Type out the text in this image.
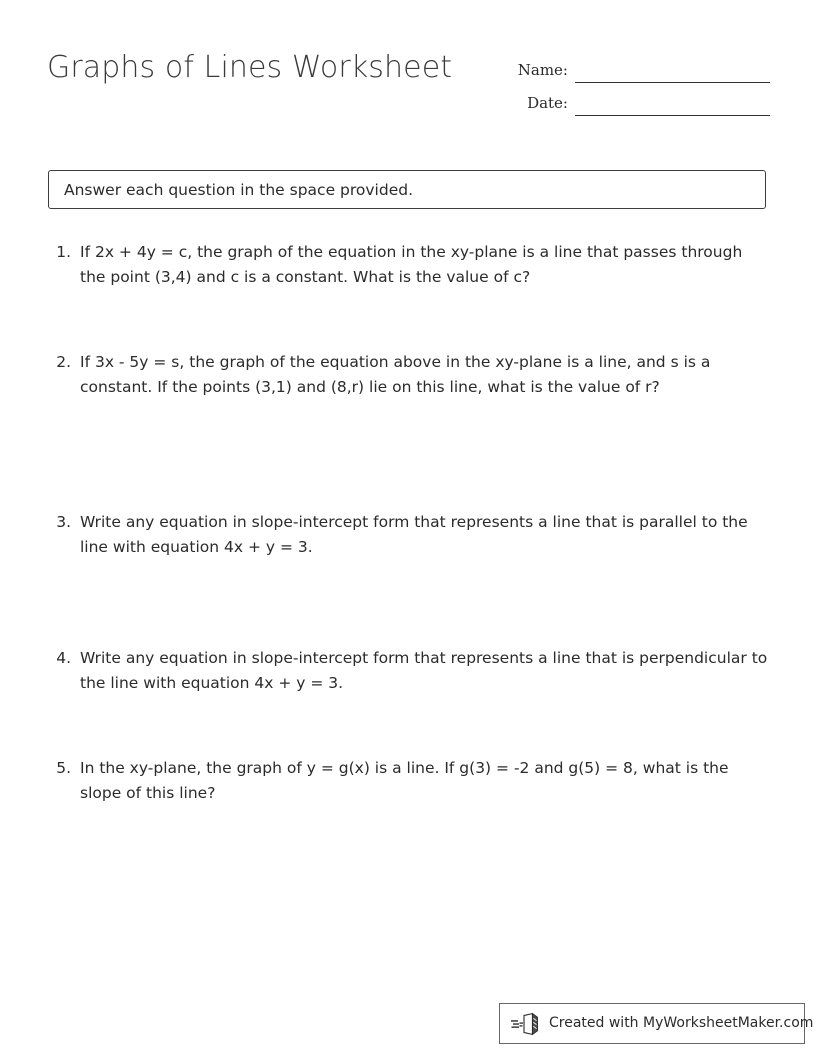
Graphs of Lines Worksheet	Name:
Date:
Answer each question in the space provided.
1. If 2x + 4y = c, the graph of the equation in the xy-plane is a line that passes through the point (3,4) and c is a constant. What is the value of c?
2. If 3x - 5y = s, the graph of the equation above in the xy-plane is a line, and s is a constant. If the points (3,1) and (8,r) lie on this line, what is the value of r?
3. Write any equation in slope-intercept form that represents a line that is parallel to the line with equation 4x + y = 3.
4. Write any equation in slope-intercept form that represents a line that is perpendicular to the line with equation 4x + y = 3.
5. In the xy-plane, the graph of y = g(x) is a line. If g(3) = -2 and g(5) = 8, what is the slope of this line?
Created with MyWorksheetMaker.com
